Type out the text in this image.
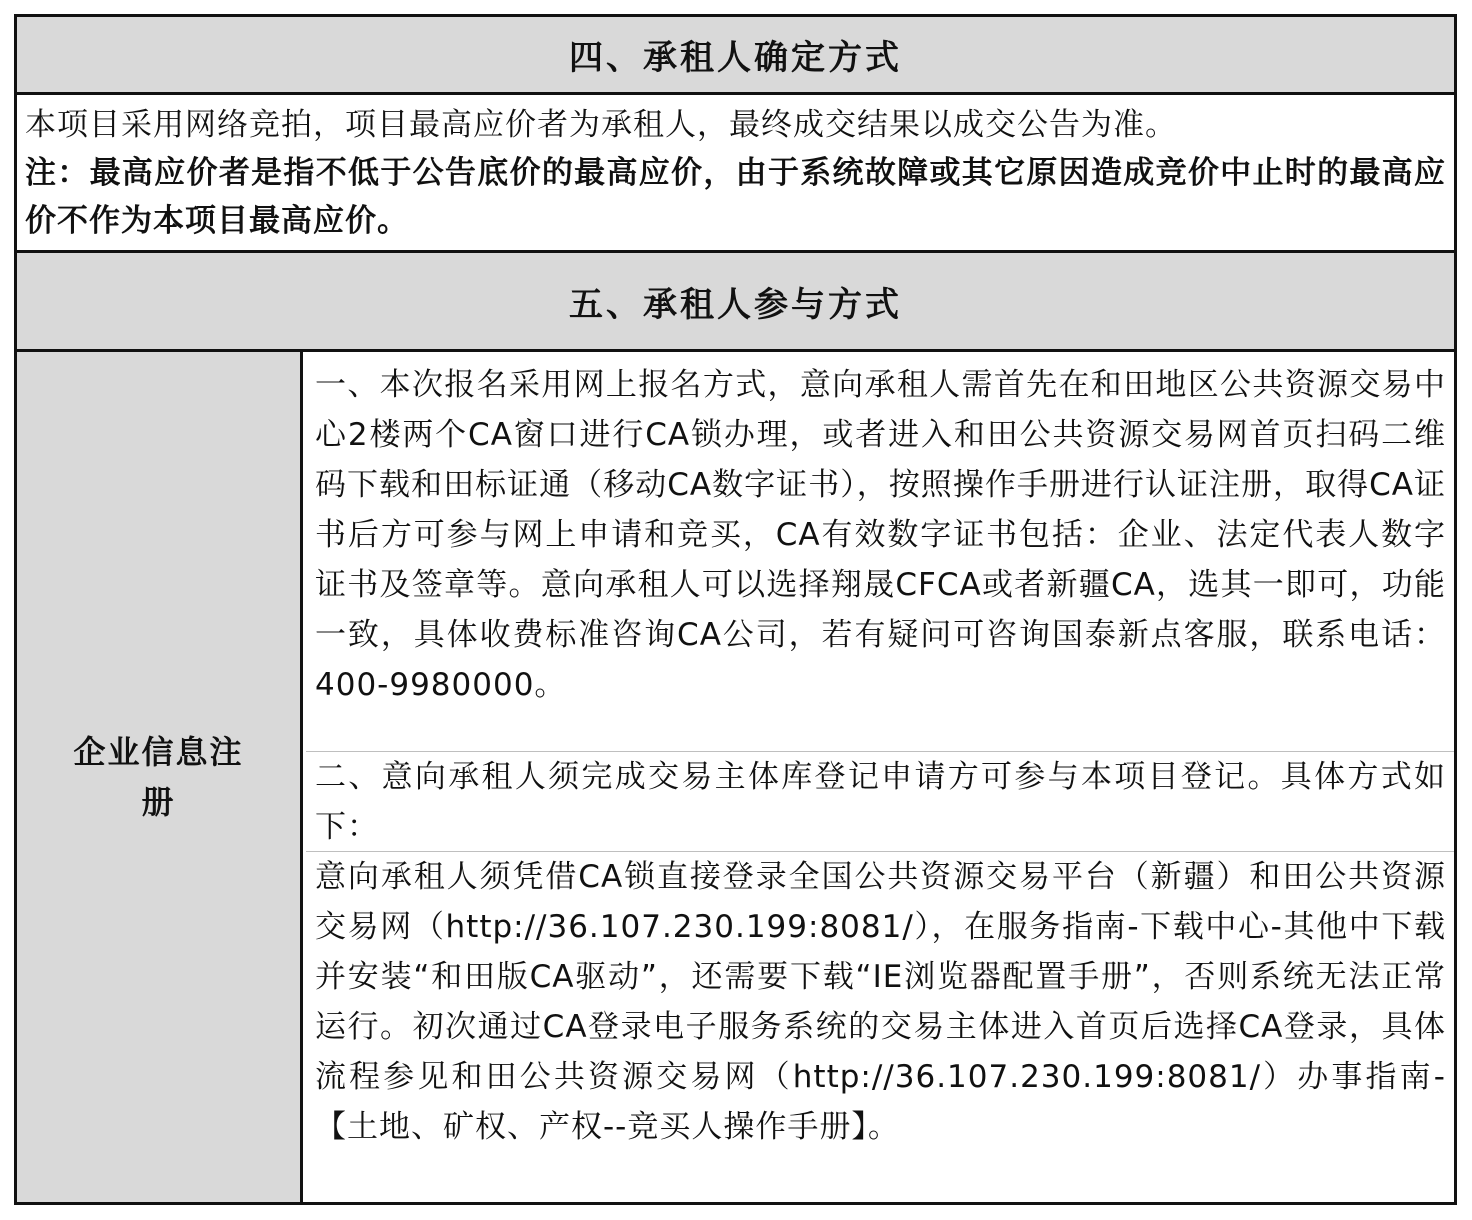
四、承租人确定方式
本项目采用网络竞拍，项目最高应价者为承租人，最终成交结果以成交公告为准。
注：最高应价者是指不低于公告底价的最高应价，由于系统故障或其它原因造成竞价中止时的最高应价不作为本项目最高应价。
五、承租人参与方式
企业信息注册
一、本次报名采用网上报名方式，意向承租人需首先在和田地区公共资源交易中心2楼两个CA窗口进行CA锁办理，或者进入和田公共资源交易网首页扫码二维码下载和田标证通（移动CA数字证书），按照操作手册进行认证注册，取得CA证书后方可参与网上申请和竞买，CA有效数字证书包括：企业、法定代表人数字证书及签章等。意向承租人可以选择翔晟CFCA或者新疆CA，选其一即可，功能一致，具体收费标准咨询CA公司，若有疑问可咨询国泰新点客服，联系电话：400-9980000。
二、意向承租人须完成交易主体库登记申请方可参与本项目登记。具体方式如下：
意向承租人须凭借CA锁直接登录全国公共资源交易平台（新疆）和田公共资源交易网（http://36.107.230.199:8081/），在服务指南-下载中心-其他中下载并安装“和田版CA驱动”，还需要下载“IE浏览器配置手册”，否则系统无法正常运行。初次通过CA登录电子服务系统的交易主体进入首页后选择CA登录，具体流程参见和田公共资源交易网（http://36.107.230.199:8081/）办事指南-【土地、矿权、产权--竞买人操作手册】。
